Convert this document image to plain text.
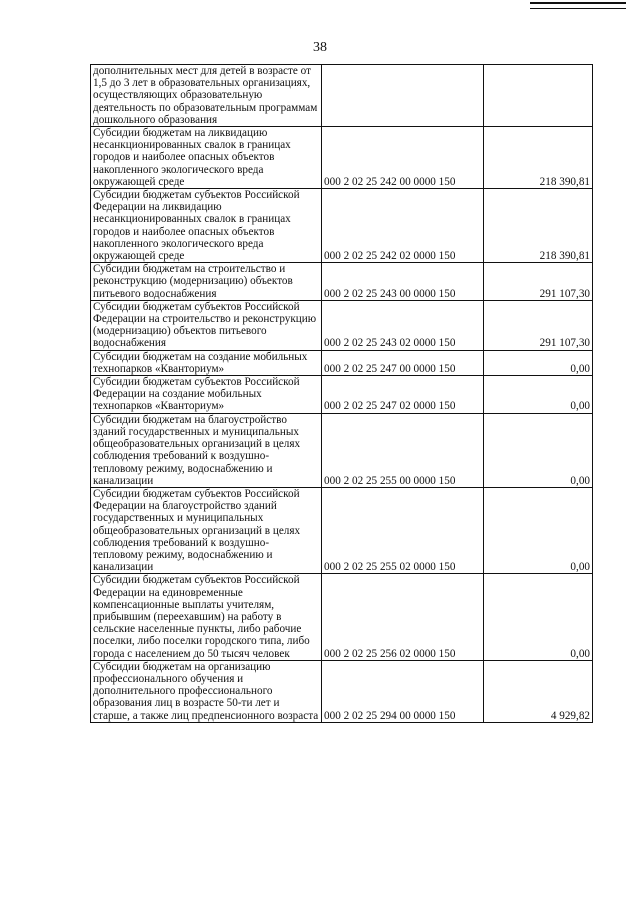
38
дополнительных мест для детей в возрасте от 1,5 до 3 лет в образовательных организациях, осуществляющих образовательную деятельность по образовательным программам дошкольного образования		
Субсидии бюджетам на ликвидацию несанкционированных свалок в границах городов и наиболее опасных объектов накопленного экологического вреда окружающей среде	000 2 02 25 242 00 0000 150	218 390,81
Субсидии бюджетам субъектов Российской Федерации на ликвидацию несанкционированных свалок в границах городов и наиболее опасных объектов накопленного экологического вреда окружающей среде	000 2 02 25 242 02 0000 150	218 390,81
Субсидии бюджетам на строительство и реконструкцию (модернизацию) объектов питьевого водоснабжения	000 2 02 25 243 00 0000 150	291 107,30
Субсидии бюджетам субъектов Российской Федерации на строительство и реконструкцию (модернизацию) объектов питьевого водоснабжения	000 2 02 25 243 02 0000 150	291 107,30
Субсидии бюджетам на создание мобильных технопарков «Кванториум»	000 2 02 25 247 00 0000 150	0,00
Субсидии бюджетам субъектов Российской Федерации на создание мобильных технопарков «Кванториум»	000 2 02 25 247 02 0000 150	0,00
Субсидии бюджетам на благоустройство зданий государственных и муниципальных общеобразовательных организаций в целях соблюдения требований к воздушно-тепловому режиму, водоснабжению и канализации	000 2 02 25 255 00 0000 150	0,00
Субсидии бюджетам субъектов Российской Федерации на благоустройство зданий государственных и муниципальных общеобразовательных организаций в целях соблюдения требований к воздушно-тепловому режиму, водоснабжению и канализации	000 2 02 25 255 02 0000 150	0,00
Субсидии бюджетам субъектов Российской Федерации на единовременные компенсационные выплаты учителям, прибывшим (переехавшим) на работу в сельские населенные пункты, либо рабочие поселки, либо поселки городского типа, либо города с населением до 50 тысяч человек	000 2 02 25 256 02 0000 150	0,00
Субсидии бюджетам на организацию профессионального обучения и дополнительного профессионального образования лиц в возрасте 50-ти лет и старше, а также лиц предпенсионного возраста	000 2 02 25 294 00 0000 150	4 929,82
